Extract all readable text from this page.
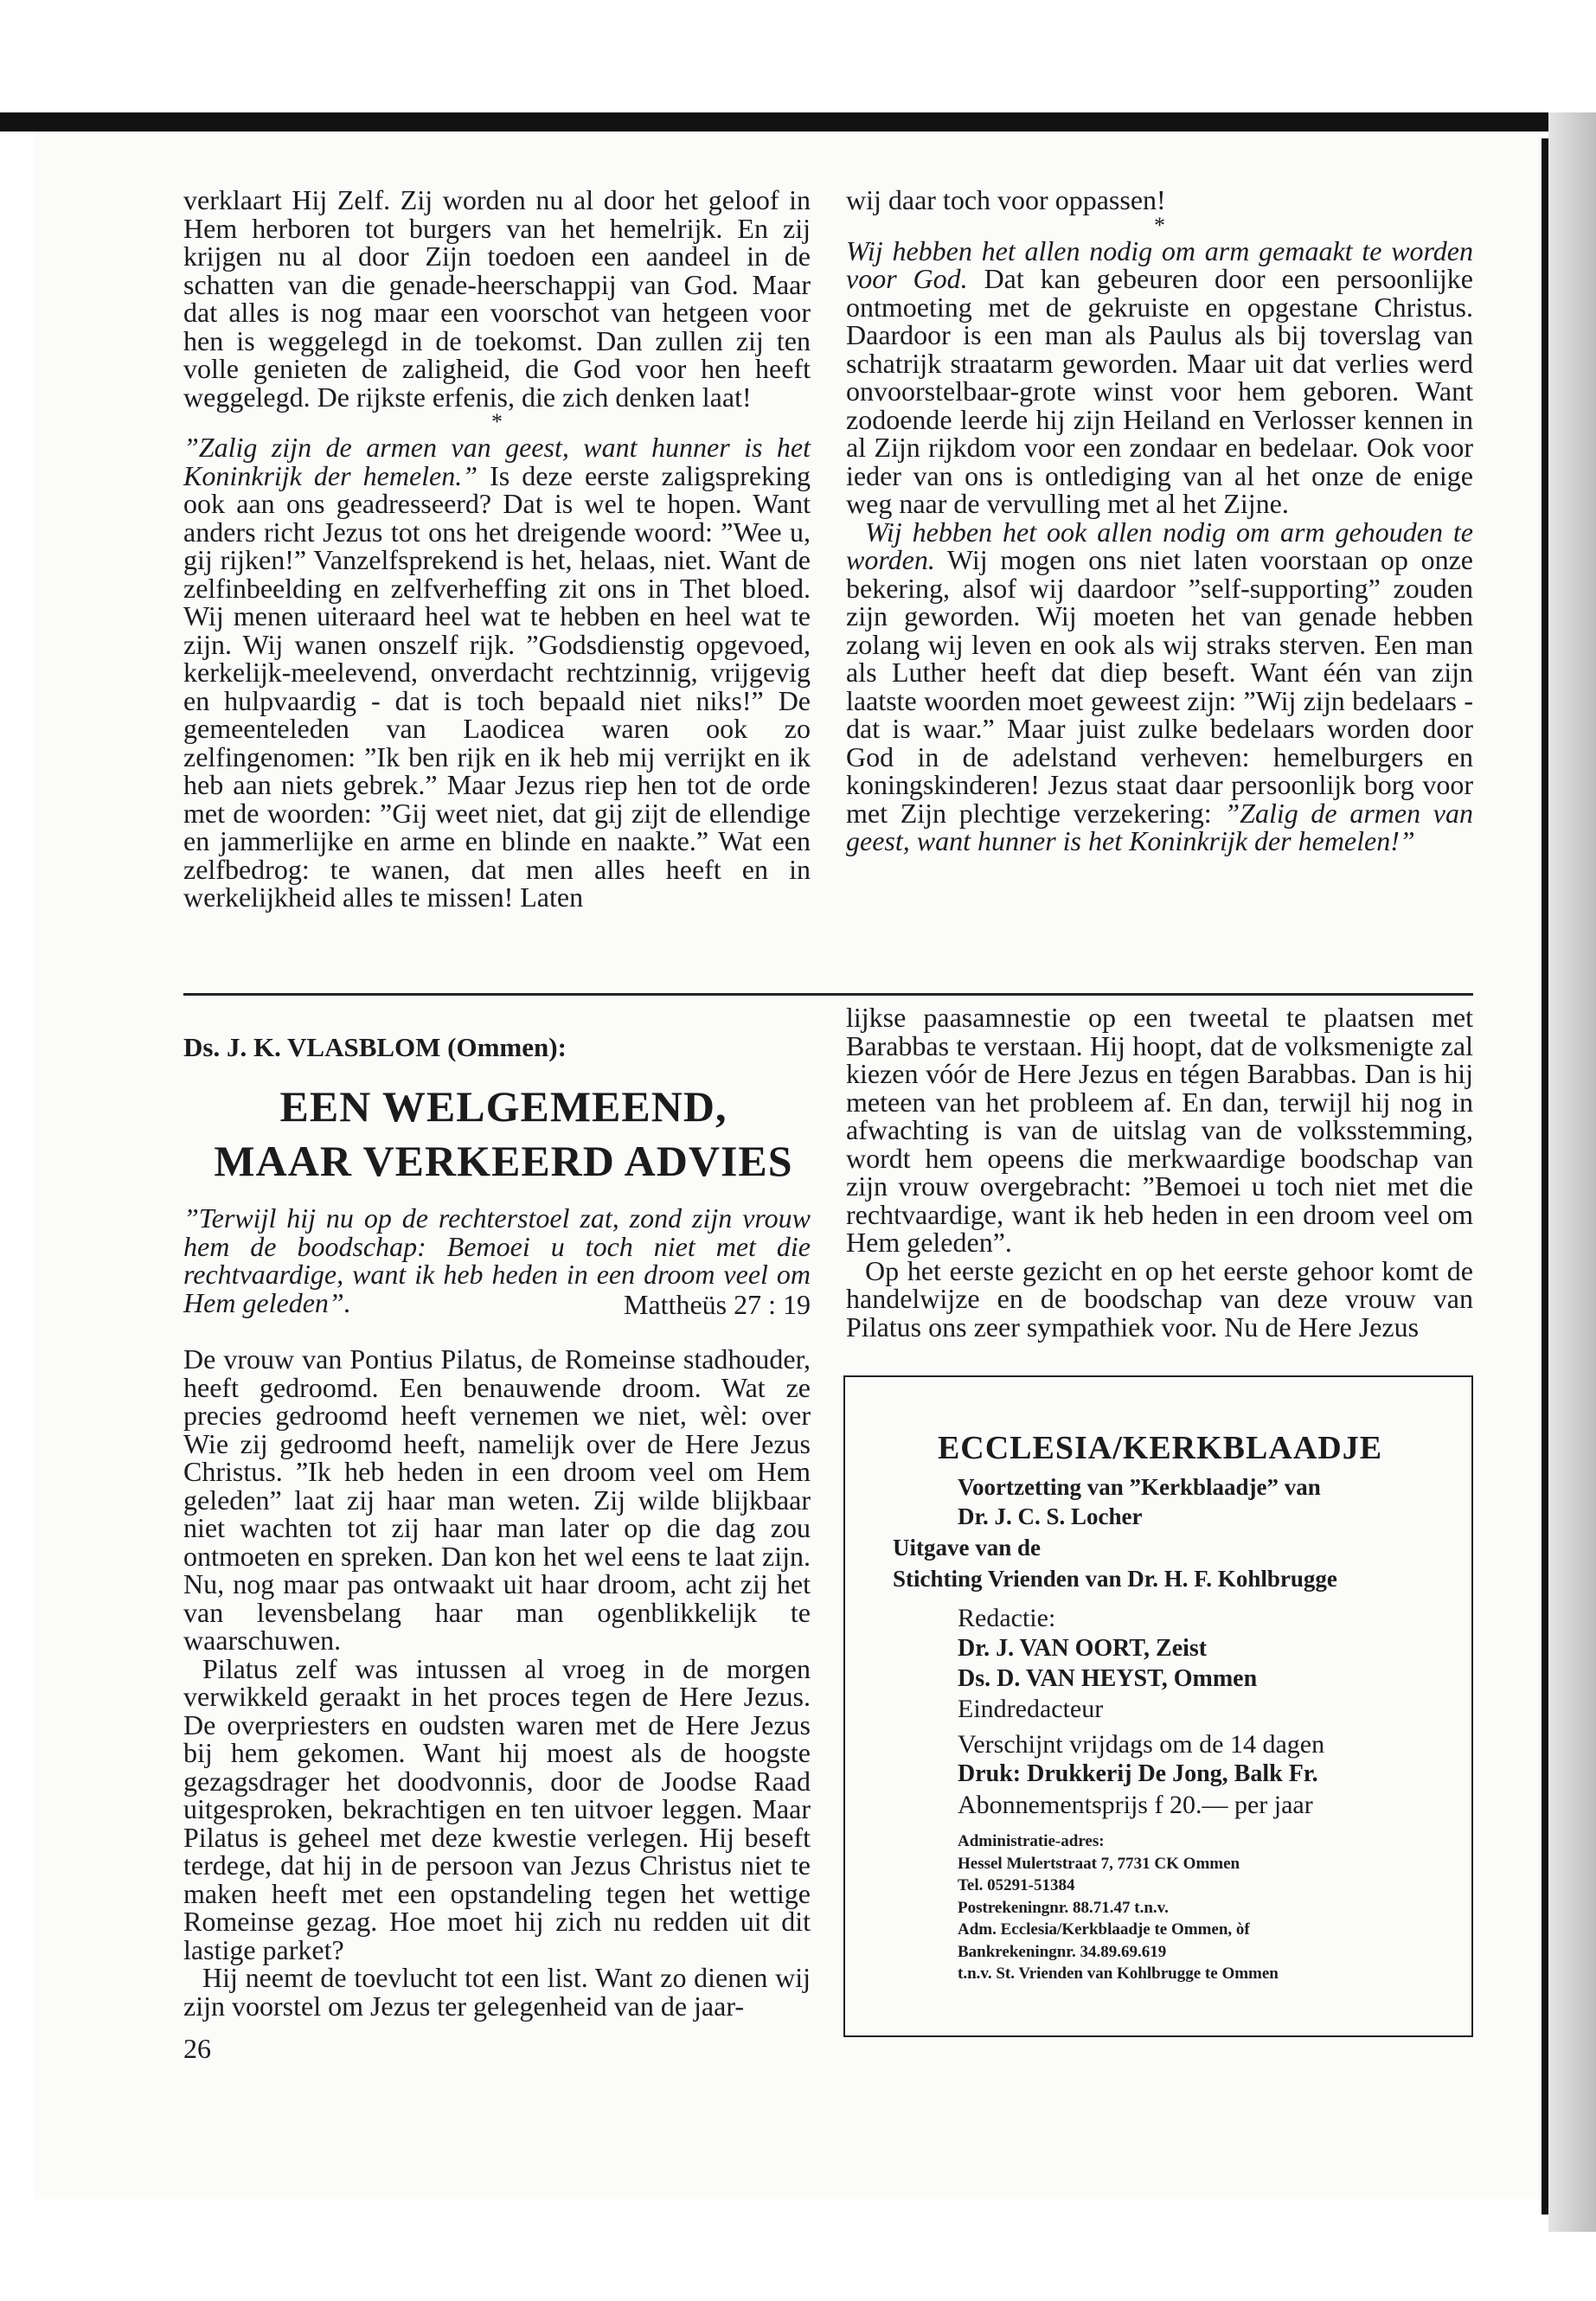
verklaart Hij Zelf. Zij worden nu al door het geloof in Hem herboren tot burgers van het hemelrijk. En zij krijgen nu al door Zijn toedoen een aandeel in de schatten van die genade-heerschappij van God. Maar dat alles is nog maar een voorschot van hetgeen voor hen is weggelegd in de toekomst. Dan zullen zij ten volle genieten de zaligheid, die God voor hen heeft weggelegd. De rijkste erfenis, die zich denken laat!

*

”Zalig zijn de armen van geest, want hunner is het Koninkrijk der hemelen.” Is deze eerste zaligspreking ook aan ons geadresseerd? Dat is wel te hopen. Want anders richt Jezus tot ons het dreigende woord: ”Wee u, gij rijken!” Vanzelfsprekend is het, helaas, niet. Want de zelfinbeelding en zelfverheffing zit ons in Thet bloed. Wij menen uiteraard heel wat te hebben en heel wat te zijn. Wij wanen onszelf rijk. ”Godsdienstig opgevoed, kerkelijk-meelevend, onverdacht rechtzinnig, vrijgevig en hulpvaardig - dat is toch bepaald niet niks!” De gemeenteleden van Laodicea waren ook zo zelfingenomen: ”Ik ben rijk en ik heb mij verrijkt en ik heb aan niets gebrek.” Maar Jezus riep hen tot de orde met de woorden: ”Gij weet niet, dat gij zijt de ellendige en jammerlijke en arme en blinde en naakte.” Wat een zelfbedrog: te wanen, dat men alles heeft en in werkelijkheid alles te missen! Laten

wij daar toch voor oppassen!

*

Wij hebben het allen nodig om arm gemaakt te worden voor God. Dat kan gebeuren door een persoonlijke ontmoeting met de gekruiste en opgestane Christus. Daardoor is een man als Paulus als bij toverslag van schatrijk straatarm geworden. Maar uit dat verlies werd onvoorstelbaar-grote winst voor hem geboren. Want zodoende leerde hij zijn Heiland en Verlosser kennen in al Zijn rijkdom voor een zondaar en bedelaar. Ook voor ieder van ons is ontlediging van al het onze de enige weg naar de vervulling met al het Zijne.

Wij hebben het ook allen nodig om arm gehouden te worden. Wij mogen ons niet laten voorstaan op onze bekering, alsof wij daardoor ”self-supporting” zouden zijn geworden. Wij moeten het van genade hebben zolang wij leven en ook als wij straks sterven. Een man als Luther heeft dat diep beseft. Want één van zijn laatste woorden moet geweest zijn: ”Wij zijn bedelaars - dat is waar.” Maar juist zulke bedelaars worden door God in de adelstand verheven: hemelburgers en koningskinderen! Jezus staat daar persoonlijk borg voor met Zijn plechtige verzekering: ”Zalig de armen van geest, want hunner is het Koninkrijk der hemelen!”

Ds. J. K. VLASBLOM (Ommen):
EEN WELGEMEEND,
MAAR VERKEERD ADVIES
”Terwijl hij nu op de rechterstoel zat, zond zijn vrouw hem de boodschap: Bemoei u toch niet met die rechtvaardige, want ik heb heden in een droom veel om Hem geleden”.	Mattheüs 27 : 19

De vrouw van Pontius Pilatus, de Romeinse stadhouder, heeft gedroomd. Een benauwende droom. Wat ze precies gedroomd heeft vernemen we niet, wèl: over Wie zij gedroomd heeft, namelijk over de Here Jezus Christus. ”Ik heb heden in een droom veel om Hem geleden” laat zij haar man weten. Zij wilde blijkbaar niet wachten tot zij haar man later op die dag zou ontmoeten en spreken. Dan kon het wel eens te laat zijn. Nu, nog maar pas ontwaakt uit haar droom, acht zij het van levensbelang haar man ogenblikkelijk te waarschuwen.

Pilatus zelf was intussen al vroeg in de morgen verwikkeld geraakt in het proces tegen de Here Jezus. De overpriesters en oudsten waren met de Here Jezus bij hem gekomen. Want hij moest als de hoogste gezagsdrager het doodvonnis, door de Joodse Raad uitgesproken, bekrachtigen en ten uitvoer leggen. Maar Pilatus is geheel met deze kwestie verlegen. Hij beseft terdege, dat hij in de persoon van Jezus Christus niet te maken heeft met een opstandeling tegen het wettige Romeinse gezag. Hoe moet hij zich nu redden uit dit lastige parket?

Hij neemt de toevlucht tot een list. Want zo dienen wij zijn voorstel om Jezus ter gelegenheid van de jaar-

26

lijkse paasamnestie op een tweetal te plaatsen met Barabbas te verstaan. Hij hoopt, dat de volksmenigte zal kiezen vóór de Here Jezus en tégen Barabbas. Dan is hij meteen van het probleem af. En dan, terwijl hij nog in afwachting is van de uitslag van de volksstemming, wordt hem opeens die merkwaardige boodschap van zijn vrouw overgebracht: ”Bemoei u toch niet met die rechtvaardige, want ik heb heden in een droom veel om Hem geleden”.

Op het eerste gezicht en op het eerste gehoor komt de handelwijze en de boodschap van deze vrouw van Pilatus ons zeer sympathiek voor. Nu de Here Jezus

ECCLESIA/KERKBLAADJE
Voortzetting van ”Kerkblaadje” van
Dr. J. C. S. Locher
Uitgave van de
Stichting Vrienden van Dr. H. F. Kohlbrugge
Redactie:
Dr. J. VAN OORT, Zeist
Ds. D. VAN HEYST, Ommen
Eindredacteur
Verschijnt vrijdags om de 14 dagen
Druk: Drukkerij De Jong, Balk Fr.
Abonnementsprijs f 20.— per jaar
Administratie-adres:
Hessel Mulertstraat 7, 7731 CK Ommen
Tel. 05291-51384
Postrekeningnr. 88.71.47 t.n.v.
Adm. Ecclesia/Kerkblaadje te Ommen, òf
Bankrekeningnr. 34.89.69.619
t.n.v. St. Vrienden van Kohlbrugge te Ommen
